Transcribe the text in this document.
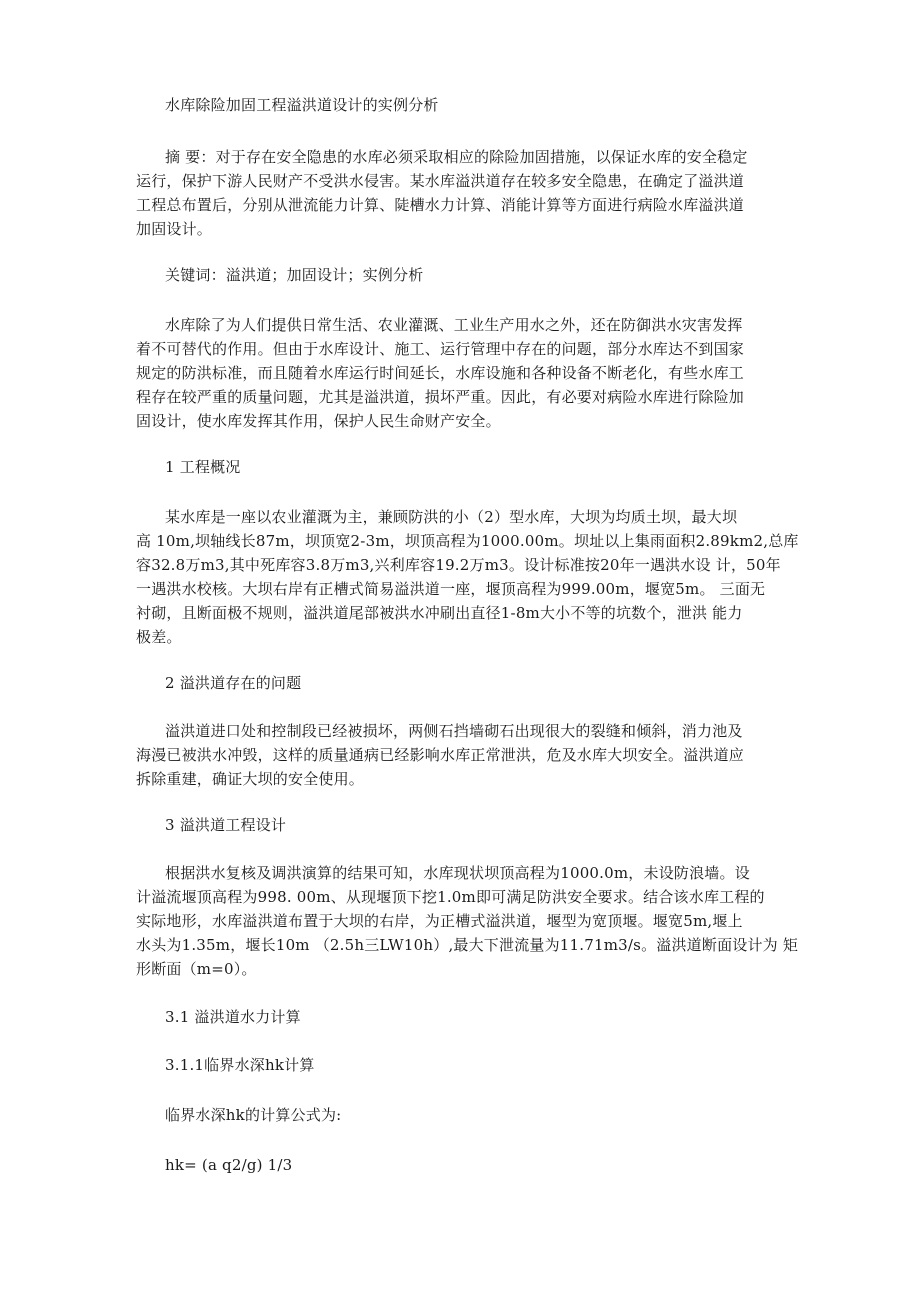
水库除险加固工程溢洪道设计的实例分析
摘 要：对于存在安全隐患的水库必须采取相应的除险加固措施，以保证水库的安全稳定
运行，保护下游人民财产不受洪水侵害。某水库溢洪道存在较多安全隐患，在确定了溢洪道
工程总布置后，分别从泄流能力计算、陡槽水力计算、消能计算等方面进行病险水库溢洪道
加固设计。
关键词：溢洪道；加固设计；实例分析
水库除了为人们提供日常生活、农业灌溉、工业生产用水之外，还在防御洪水灾害发挥
着不可替代的作用。但由于水库设计、施工、运行管理中存在的问题，部分水库达不到国家
规定的防洪标准，而且随着水库运行时间延长，水库设施和各种设备不断老化，有些水库工
程存在较严重的质量问题，尤其是溢洪道，损坏严重。因此，有必要对病险水库进行除险加
固设计，使水库发挥其作用，保护人民生命财产安全。
1 工程概况
某水库是一座以农业灌溉为主，兼顾防洪的小（2）型水库，大坝为均质土坝，最大坝
高 10m,坝轴线长87m，坝顶宽2-3m，坝顶高程为1000.00m。坝址以上集雨面积2.89km2,总库
容32.8万m3,其中死库容3.8万m3,兴利库容19.2万m3。设计标准按20年一遇洪水设 计，50年
一遇洪水校核。大坝右岸有正槽式简易溢洪道一座，堰顶高程为999.00m，堰宽5m。 三面无
衬砌，且断面极不规则，溢洪道尾部被洪水冲刷出直径1-8m大小不等的坑数个，泄洪 能力
极差。
2 溢洪道存在的问题
溢洪道进口处和控制段已经被损坏，两侧石挡墙砌石出现很大的裂缝和倾斜，消力池及
海漫已被洪水冲毁，这样的质量通病已经影响水库正常泄洪，危及水库大坝安全。溢洪道应
拆除重建，确证大坝的安全使用。
3 溢洪道工程设计
根据洪水复核及调洪演算的结果可知，水库现状坝顶高程为1000.0m，未设防浪墙。设
计溢流堰顶高程为998. 00m、从现堰顶下挖1.0m即可满足防洪安全要求。结合该水库工程的
实际地形，水库溢洪道布置于大坝的右岸，为正槽式溢洪道，堰型为宽顶堰。堰宽5m,堰上
水头为1.35m，堰长10m （2.5h三LW10h）,最大下泄流量为11.71m3/s。溢洪道断面设计为 矩
形断面（m=0）。
3.1 溢洪道水力计算
3.1.1临界水深hk计算
临界水深hk的计算公式为:
hk= (a q2/g) 1/3
